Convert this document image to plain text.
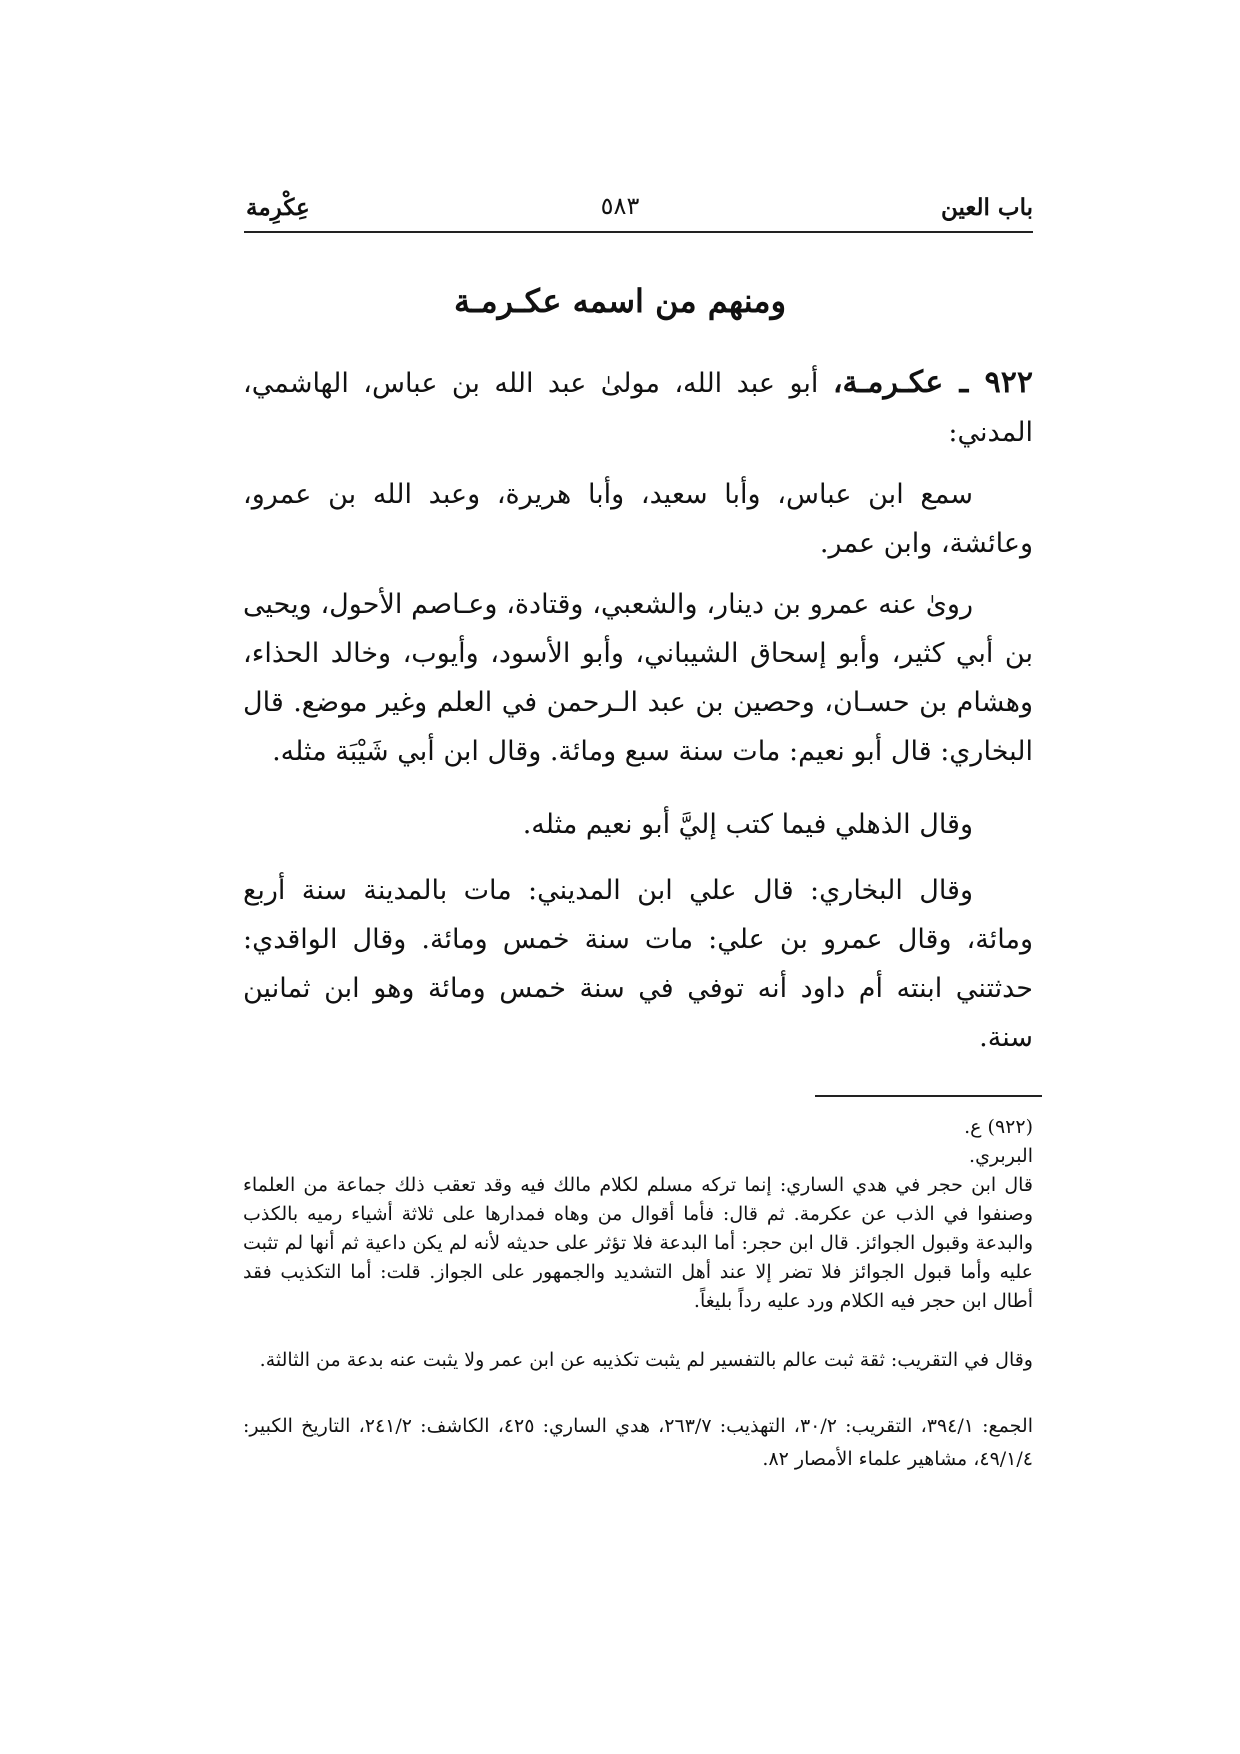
باب العين
٥٨٣
عِكْرِمة
ومنهم من اسمه عكـرمـة
٩٢٢ ـ عكـرمـة، أبو عبد الله، مولىٰ عبد الله بن عباس، الهاشمي، المدني:
سمع ابن عباس، وأبا سعيد، وأبا هريرة، وعبد الله بن عمرو، وعائشة، وابن عمر.
رویٰ عنه عمرو بن دينار، والشعبي، وقتادة، وعـاصم الأحول، ويحيى بن أبي كثير، وأبو إسحاق الشيباني، وأبو الأسود، وأيوب، وخالد الحذاء، وهشام بن حسـان، وحصين بن عبد الـرحمن في العلم وغير موضع. قال البخاري: قال أبو نعيم: مات سنة سبع ومائة. وقال ابن أبي شَيْبَة مثله.
وقال الذهلي فيما كتب إليَّ أبو نعيم مثله.
وقال البخاري: قال علي ابن المديني: مات بالمدينة سنة أربع ومائة، وقال عمرو بن علي: مات سنة خمس ومائة. وقال الواقدي: حدثتني ابنته أم داود أنه توفي في سنة خمس ومائة وهو ابن ثمانين سنة.
(٩٢٢) ع.
البربري.
قال ابن حجر في هدي الساري: إنما تركه مسلم لكلام مالك فيه وقد تعقب ذلك جماعة من العلماء وصنفوا في الذب عن عكرمة. ثم قال: فأما أقوال من وهاه فمدارها على ثلاثة أشياء رميه بالكذب والبدعة وقبول الجوائز. قال ابن حجر: أما البدعة فلا تؤثر على حديثه لأنه لم يكن داعية ثم أنها لم تثبت عليه وأما قبول الجوائز فلا تضر إلا عند أهل التشديد والجمهور على الجواز. قلت: أما التكذيب فقد أطال ابن حجر فيه الكلام ورد عليه رداً بليغاً.
وقال في التقريب: ثقة ثبت عالم بالتفسير لم يثبت تكذيبه عن ابن عمر ولا يثبت عنه بدعة من الثالثة.
الجمع: ٣٩٤/١، التقريب: ٣٠/٢، التهذيب: ٢٦٣/٧، هدي الساري: ٤٢٥، الكاشف: ٢٤١/٢، التاريخ الكبير: ٤٩/١/٤، مشاهير علماء الأمصار ٨٢.
